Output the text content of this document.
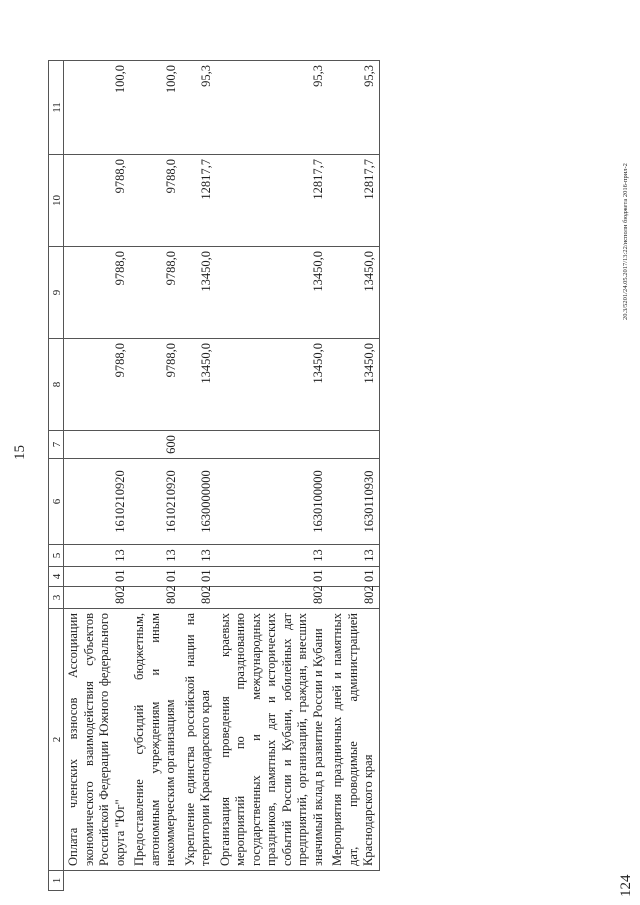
15
1	2	3	4	5	6	7	8	9	10	11
	Оплата членских взносов Ассоциации экономического взаимодействия субъектов Российской Федерации Южного федерального округа "Юг"	802	01	13	1610210920		9788,0	9788,0	9788,0	100,0
	Предоставление субсидий бюджетным, автономным учреждениям и иным некоммерческим организациям	802	01	13	1610210920	600	9788,0	9788,0	9788,0	100,0
	Укрепление единства российской нации на территории Краснодарского края	802	01	13	1630000000		13450,0	13450,0	12817,7	95,3
	Организация проведения краевых мероприятий по празднованию государственных и международных праздников, памятных дат и исторических событий России и Кубани, юбилейных дат предприятий, организаций, граждан, внесших значимый вклад в развитие России и Кубани	802	01	13	1630100000		13450,0	13450,0	12817,7	95,3
	Мероприятия праздничных дней и памятных дат, проводимые администрацией Краснодарского края	802	01	13	1630110930		13450,0	13450,0	12817,7	95,3
20.3/5201/24.05.2017/13:22/исполн бюджета 2016-прил-2
124
